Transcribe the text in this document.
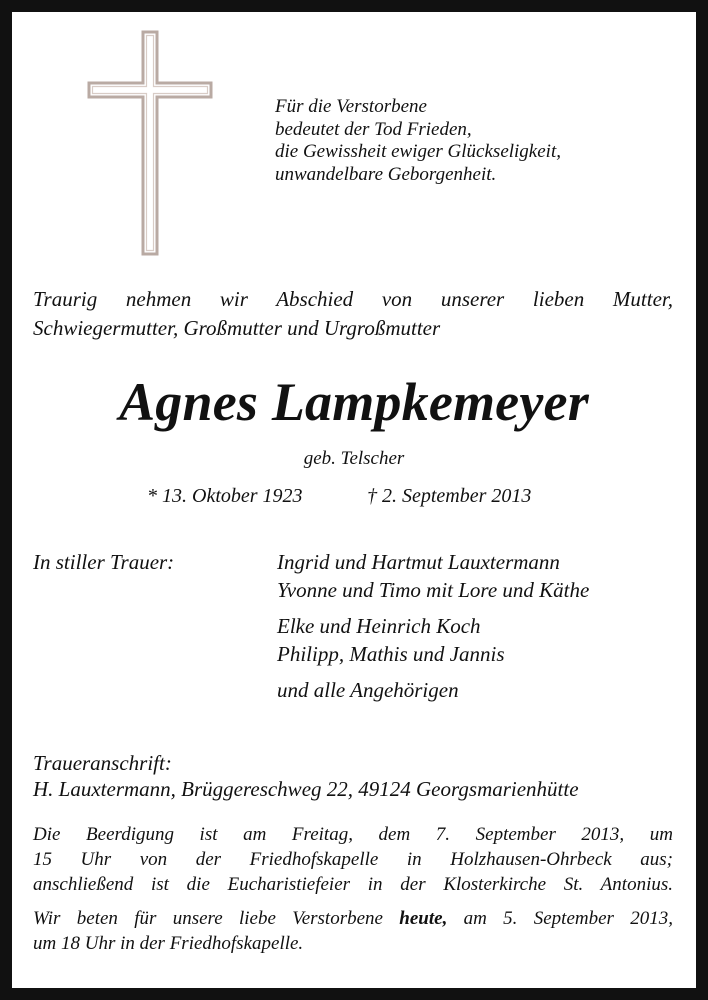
Für die Verstorbene
bedeutet der Tod Frieden,
die Gewissheit ewiger Glückseligkeit,
unwandelbare Geborgenheit.
Traurig nehmen wir Abschied von unserer lieben Mutter,
Schwiegermutter, Großmutter und Urgroßmutter
Agnes Lampkemeyer
geb. Telscher
* 13. Oktober 1923	† 2. September 2013
In stiller Trauer:	Ingrid und Hartmut Lauxtermann
Yvonne und Timo mit Lore und Käthe
Elke und Heinrich Koch
Philipp, Mathis und Jannis
und alle Angehörigen
Traueranschrift:
H. Lauxtermann, Brüggereschweg 22, 49124 Georgsmarienhütte
Die Beerdigung ist am Freitag, dem 7. September 2013, um
15 Uhr von der Friedhofskapelle in Holzhausen-Ohrbeck aus;
anschließend ist die Eucharistiefeier in der Klosterkirche St. Antonius.
Wir beten für unsere liebe Verstorbene heute, am 5. September 2013,
um 18 Uhr in der Friedhofskapelle.
